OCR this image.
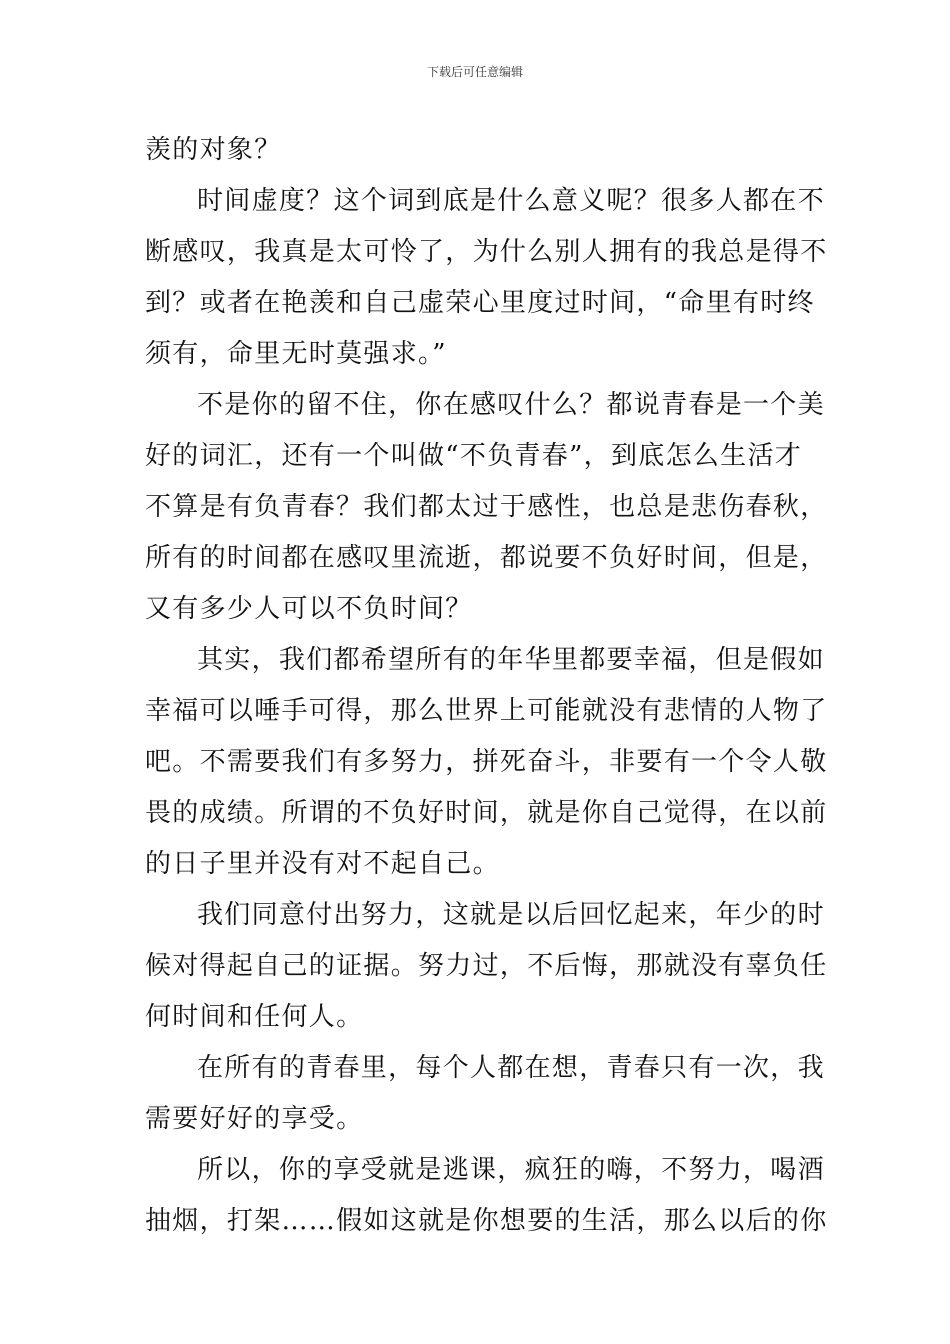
下载后可任意编辑
羡的对象？
时间虚度？这个词到底是什么意义呢？很多人都在不
断感叹，我真是太可怜了，为什么别人拥有的我总是得不
到？或者在艳羡和自己虚荣心里度过时间，“命里有时终
须有，命里无时莫强求。”
不是你的留不住，你在感叹什么？都说青春是一个美
好的词汇，还有一个叫做“不负青春”，到底怎么生活才
不算是有负青春？我们都太过于感性，也总是悲伤春秋，
所有的时间都在感叹里流逝，都说要不负好时间，但是，
又有多少人可以不负时间？
其实，我们都希望所有的年华里都要幸福，但是假如
幸福可以唾手可得，那么世界上可能就没有悲情的人物了
吧。不需要我们有多努力，拼死奋斗，非要有一个令人敬
畏的成绩。所谓的不负好时间，就是你自己觉得，在以前
的日子里并没有对不起自己。
我们同意付出努力，这就是以后回忆起来，年少的时
候对得起自己的证据。努力过，不后悔，那就没有辜负任
何时间和任何人。
在所有的青春里，每个人都在想，青春只有一次，我
需要好好的享受。
所以，你的享受就是逃课，疯狂的嗨，不努力，喝酒
抽烟，打架……假如这就是你想要的生活，那么以后的你
